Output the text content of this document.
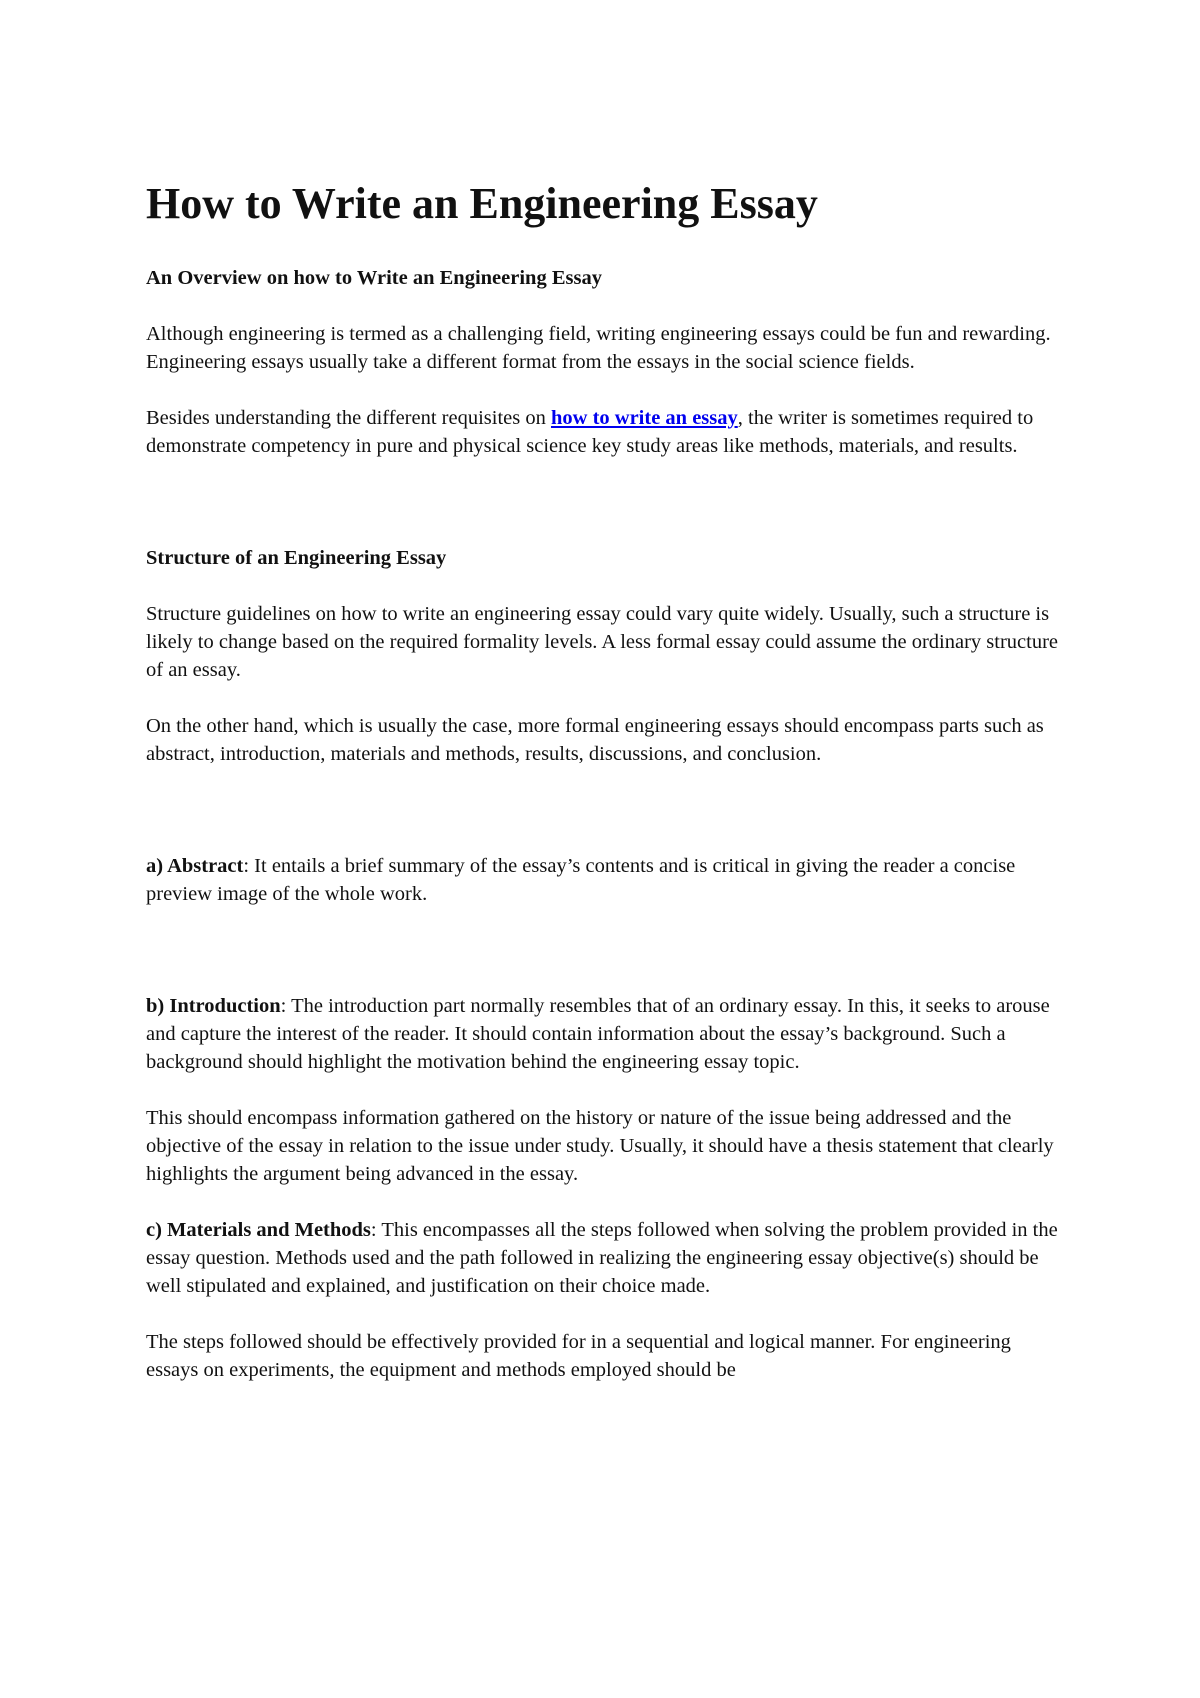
How to Write an Engineering Essay
An Overview on how to Write an Engineering Essay

Although engineering is termed as a challenging field, writing engineering essays could be fun and rewarding. Engineering essays usually take a different format from the essays in the social science fields.

Besides understanding the different requisites on how to write an essay, the writer is sometimes required to demonstrate competency in pure and physical science key study areas like methods, materials, and results.

Structure of an Engineering Essay

Structure guidelines on how to write an engineering essay could vary quite widely. Usually, such a structure is likely to change based on the required formality levels. A less formal essay could assume the ordinary structure of an essay.

On the other hand, which is usually the case, more formal engineering essays should encompass parts such as abstract, introduction, materials and methods, results, discussions, and conclusion.

a) Abstract: It entails a brief summary of the essay’s contents and is critical in giving the reader a concise preview image of the whole work.

b) Introduction: The introduction part normally resembles that of an ordinary essay. In this, it seeks to arouse and capture the interest of the reader. It should contain information about the essay’s background. Such a background should highlight the motivation behind the engineering essay topic.

This should encompass information gathered on the history or nature of the issue being addressed and the objective of the essay in relation to the issue under study. Usually, it should have a thesis statement that clearly highlights the argument being advanced in the essay.

c) Materials and Methods: This encompasses all the steps followed when solving the problem provided in the essay question. Methods used and the path followed in realizing the engineering essay objective(s) should be well stipulated and explained, and justification on their choice made.

The steps followed should be effectively provided for in a sequential and logical manner. For engineering essays on experiments, the equipment and methods employed should be
